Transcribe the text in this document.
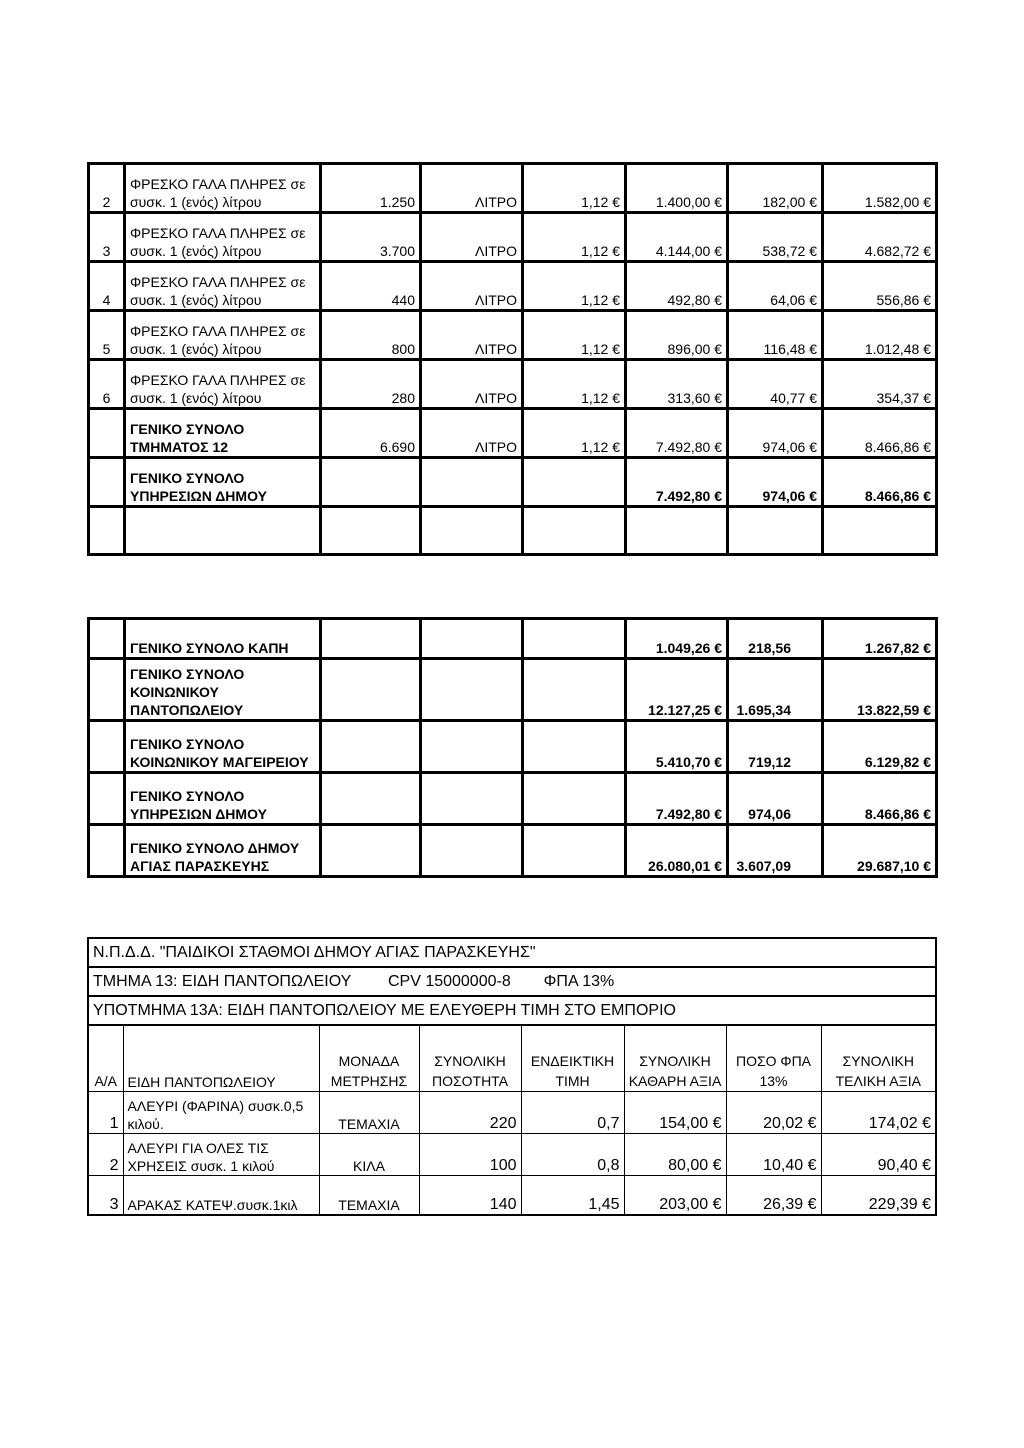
2	ΦΡΕΣΚΟ ΓΑΛΑ ΠΛΗΡΕΣ σε συσκ. 1 (ενός) λίτρου	1.250	ΛΙΤΡΟ	1,12 €	1.400,00 €	182,00 €	1.582,00 €
3	ΦΡΕΣΚΟ ΓΑΛΑ ΠΛΗΡΕΣ σε συσκ. 1 (ενός) λίτρου	3.700	ΛΙΤΡΟ	1,12 €	4.144,00 €	538,72 €	4.682,72 €
4	ΦΡΕΣΚΟ ΓΑΛΑ ΠΛΗΡΕΣ σε συσκ. 1 (ενός) λίτρου	440	ΛΙΤΡΟ	1,12 €	492,80 €	64,06 €	556,86 €
5	ΦΡΕΣΚΟ ΓΑΛΑ ΠΛΗΡΕΣ σε συσκ. 1 (ενός) λίτρου	800	ΛΙΤΡΟ	1,12 €	896,00 €	116,48 €	1.012,48 €
6	ΦΡΕΣΚΟ ΓΑΛΑ ΠΛΗΡΕΣ σε συσκ. 1 (ενός) λίτρου	280	ΛΙΤΡΟ	1,12 €	313,60 €	40,77 €	354,37 €
	ΓΕΝΙΚΟ ΣΥΝΟΛΟ ΤΜΗΜΑΤΟΣ 12	6.690	ΛΙΤΡΟ	1,12 €	7.492,80 €	974,06 €	8.466,86 €
	ΓΕΝΙΚΟ ΣΥΝΟΛΟ ΥΠΗΡΕΣΙΩΝ ΔΗΜΟΥ				7.492,80 €	974,06 €	8.466,86 €

	ΓΕΝΙΚΟ ΣΥΝΟΛΟ ΚΑΠΗ				1.049,26 €	218,56	1.267,82 €
	ΓΕΝΙΚΟ ΣΥΝΟΛΟ ΚΟΙΝΩΝΙΚΟΥ ΠΑΝΤΟΠΩΛΕΙΟΥ				12.127,25 €	1.695,34	13.822,59 €
	ΓΕΝΙΚΟ ΣΥΝΟΛΟ ΚΟΙΝΩΝΙΚΟΥ ΜΑΓΕΙΡΕΙΟΥ				5.410,70 €	719,12	6.129,82 €
	ΓΕΝΙΚΟ ΣΥΝΟΛΟ ΥΠΗΡΕΣΙΩΝ ΔΗΜΟΥ				7.492,80 €	974,06	8.466,86 €
	ΓΕΝΙΚΟ ΣΥΝΟΛΟ ΔΗΜΟΥ ΑΓΙΑΣ ΠΑΡΑΣΚΕΥΗΣ				26.080,01 €	3.607,09	29.687,10 €
Ν.Π.Δ.Δ. "ΠΑΙΔΙΚΟΙ ΣΤΑΘΜΟΙ ΔΗΜΟΥ ΑΓΙΑΣ ΠΑΡΑΣΚΕΥΗΣ"							
ΤΜΗΜΑ 13: ΕΙΔΗ ΠΑΝΤΟΠΩΛΕΙΟΥ CPV 15000000-8 ΦΠΑ 13%							
ΥΠΟΤΜΗΜΑ 13Α: ΕΙΔΗ ΠΑΝΤΟΠΩΛΕΙΟΥ ΜΕ ΕΛΕΥΘΕΡΗ ΤΙΜΗ ΣΤΟ ΕΜΠΟΡΙΟ							
Α/Α	ΕΙΔΗ ΠΑΝΤΟΠΩΛΕΙΟΥ	ΜΟΝΑΔΑ ΜΕΤΡΗΣΗΣ	ΣΥΝΟΛΙΚΗ ΠΟΣΟΤΗΤΑ	ΕΝΔΕΙΚΤΙΚΗ ΤΙΜΗ	ΣΥΝΟΛΙΚΗ ΚΑΘΑΡΗ ΑΞΙΑ	ΠΟΣΟ ΦΠΑ 13%	ΣΥΝΟΛΙΚΗ ΤΕΛΙΚΗ ΑΞΙΑ
1	ΑΛΕΥΡΙ (ΦΑΡΙΝΑ) συσκ.0,5 κιλού.	ΤΕΜΑΧΙΑ	220	0,7	154,00 €	20,02 €	174,02 €
2	ΑΛΕΥΡΙ ΓΙΑ ΟΛΕΣ ΤΙΣ ΧΡΗΣΕΙΣ συσκ. 1 κιλού	ΚΙΛΑ	100	0,8	80,00 €	10,40 €	90,40 €
3	ΑΡΑΚΑΣ ΚΑΤΕΨ.συσκ.1κιλ	ΤΕΜΑΧΙΑ	140	1,45	203,00 €	26,39 €	229,39 €
